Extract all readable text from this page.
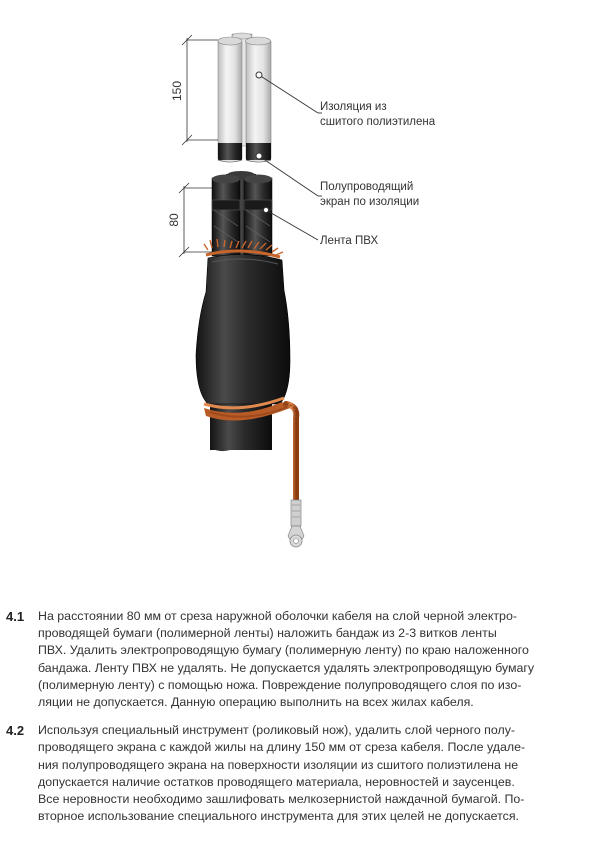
150
80
Изоляция из
сшитого полиэтилена
Полупроводящий
экран по изоляции
Лента ПВХ
4.1	На расстоянии 80 мм от среза наружной оболочки кабеля на слой черной электро-
проводящей бумаги (полимерной ленты) наложить бандаж из 2-3 витков ленты
ПВХ. Удалить электропроводящую бумагу (полимерную ленту) по краю наложенного
бандажа. Ленту ПВХ не удалять. Не допускается удалять электропроводящую бумагу
(полимерную ленту) с помощью ножа. Повреждение полупроводящего слоя по изо-
ляции не допускается. Данную операцию выполнить на всех жилах кабеля.

4.2	Используя специальный инструмент (роликовый нож), удалить слой черного полу-
проводящего экрана с каждой жилы на длину 150 мм от среза кабеля. После удале-
ния полупроводящего экрана на поверхности изоляции из сшитого полиэтилена не
допускается наличие остатков проводящего материала, неровностей и заусенцев.
Все неровности необходимо зашлифовать мелкозернистой наждачной бумагой. По-
вторное использование специального инструмента для этих целей не допускается.
